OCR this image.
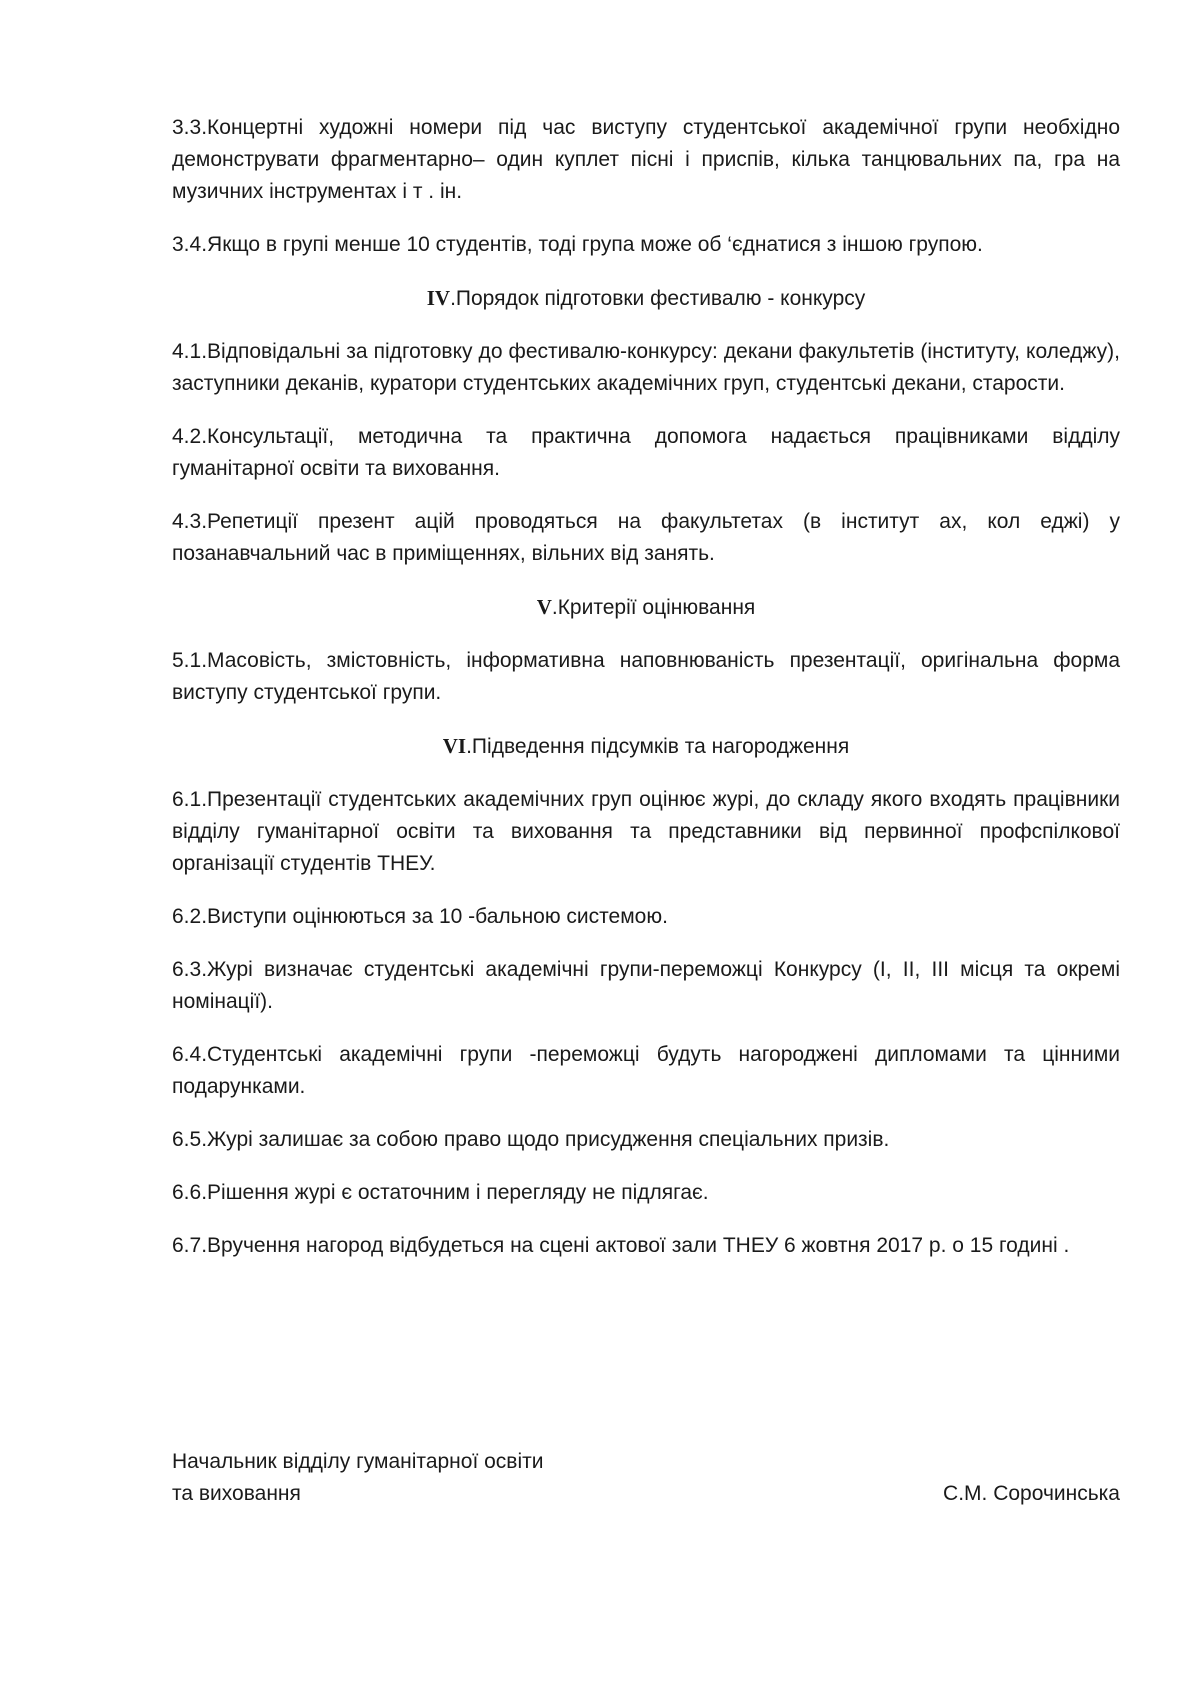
3.3.Концертні художні номери під час виступу студентської академічної групи необхідно демонструвати фрагментарно– один куплет пісні і приспів, кілька танцювальних па, гра на музичних інструментах і т . ін.

3.4.Якщо в групі менше 10 студентів, тоді група може об ‘єднатися з іншою групою.

IV.Порядок підготовки фестивалю - конкурсу

4.1.Відповідальні за підготовку до фестивалю-конкурсу: декани факультетів (інституту, коледжу), заступники деканів, куратори студентських академічних груп, студентські декани, старости.

4.2.Консультації, методична та практична допомога надається працівниками відділу гуманітарної освіти та виховання.

4.3.Репетиції презент ацій проводяться на факультетах (в інститут ах, кол еджі) у позанавчальний час в приміщеннях, вільних від занять.

V.Критерії оцінювання

5.1.Масовість, змістовність, інформативна наповнюваність презентації, оригінальна форма виступу студентської групи.

VI.Підведення підсумків та нагородження

6.1.Презентації студентських академічних груп оцінює журі, до складу якого входять працівники відділу гуманітарної освіти та виховання та представники від первинної профспілкової організації студентів ТНЕУ.

6.2.Виступи оцінюються за 10 -бальною системою.

6.3.Журі визначає студентські академічні групи-переможці Конкурсу (I, II, III місця та окремі номінації).

6.4.Студентські академічні групи -переможці будуть нагороджені дипломами та цінними подарунками.

6.5.Журі залишає за собою право щодо присудження спеціальних призів.

6.6.Рішення журі є остаточним і перегляду не підлягає.

6.7.Вручення нагород відбудеться на сцені актової зали ТНЕУ 6 жовтня 2017 р. о 15 годині .

Начальник відділу гуманітарної освіти
та виховання	С.М. Сорочинська
